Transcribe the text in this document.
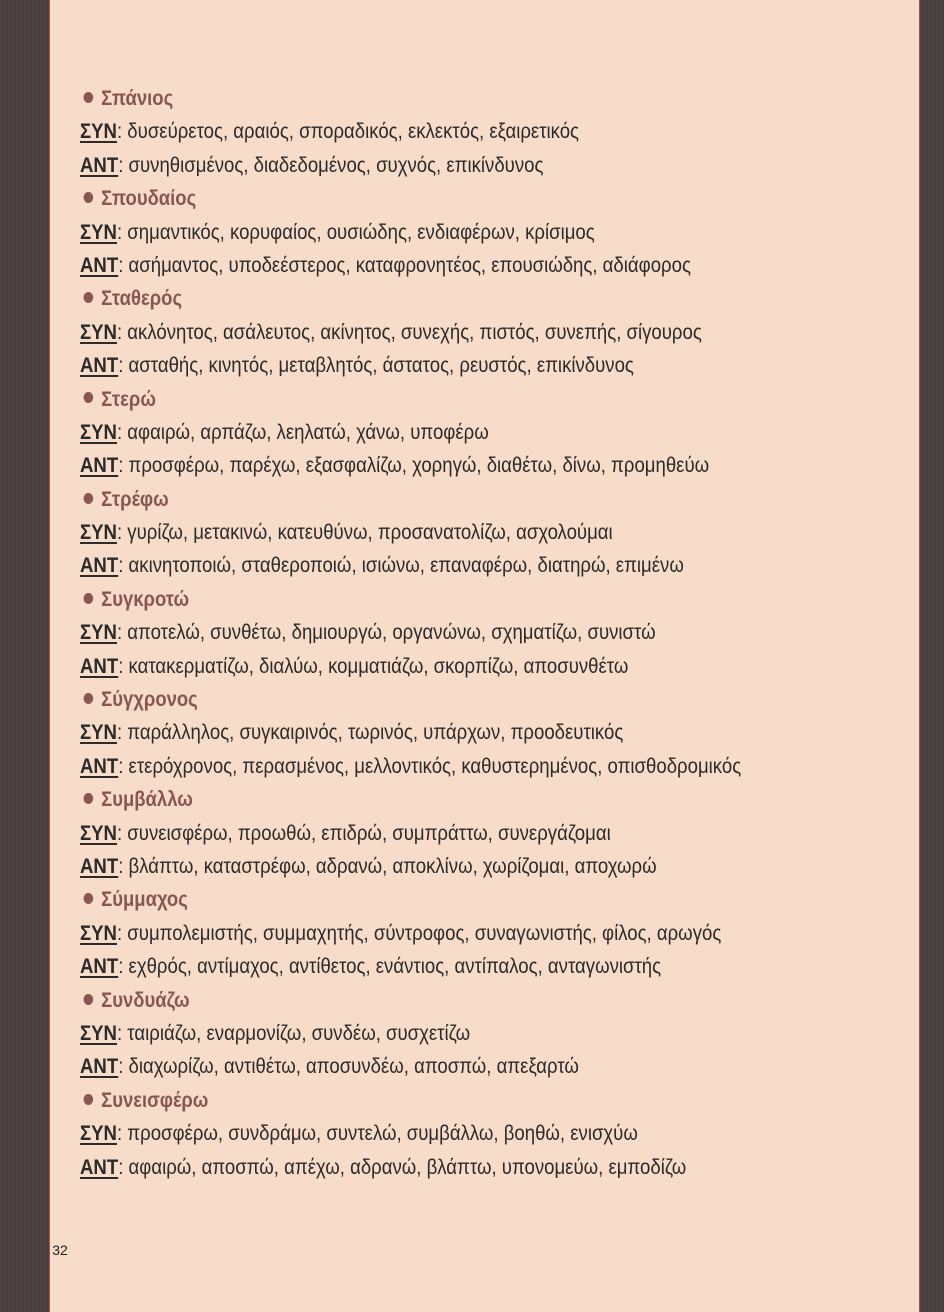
Σπάνιος
ΣΥΝ: δυσεύρετος, αραιός, σποραδικός, εκλεκτός, εξαιρετικός
ΑΝΤ: συνηθισμένος, διαδεδομένος, συχνός, επικίνδυνος
Σπουδαίος
ΣΥΝ: σημαντικός, κορυφαίος, ουσιώδης, ενδιαφέρων, κρίσιμος
ΑΝΤ: ασήμαντος, υποδεέστερος, καταφρονητέος, επουσιώδης, αδιάφορος
Σταθερός
ΣΥΝ: ακλόνητος, ασάλευτος, ακίνητος, συνεχής, πιστός, συνεπής, σίγουρος
ΑΝΤ: ασταθής, κινητός, μεταβλητός, άστατος, ρευστός, επικίνδυνος
Στερώ
ΣΥΝ: αφαιρώ, αρπάζω, λεηλατώ, χάνω, υποφέρω
ΑΝΤ: προσφέρω, παρέχω, εξασφαλίζω, χορηγώ, διαθέτω, δίνω, προμηθεύω
Στρέφω
ΣΥΝ: γυρίζω, μετακινώ, κατευθύνω, προσανατολίζω, ασχολούμαι
ΑΝΤ: ακινητοποιώ, σταθεροποιώ, ισιώνω, επαναφέρω, διατηρώ, επιμένω
Συγκροτώ
ΣΥΝ: αποτελώ, συνθέτω, δημιουργώ, οργανώνω, σχηματίζω, συνιστώ
ΑΝΤ: κατακερματίζω, διαλύω, κομματιάζω, σκορπίζω, αποσυνθέτω
Σύγχρονος
ΣΥΝ: παράλληλος, συγκαιρινός, τωρινός, υπάρχων, προοδευτικός
ΑΝΤ: ετερόχρονος, περασμένος, μελλοντικός, καθυστερημένος, οπισθοδρομικός
Συμβάλλω
ΣΥΝ: συνεισφέρω, προωθώ, επιδρώ, συμπράττω, συνεργάζομαι
ΑΝΤ: βλάπτω, καταστρέφω, αδρανώ, αποκλίνω, χωρίζομαι, αποχωρώ
Σύμμαχος
ΣΥΝ: συμπολεμιστής, συμμαχητής, σύντροφος, συναγωνιστής, φίλος, αρωγός
ΑΝΤ: εχθρός, αντίμαχος, αντίθετος, ενάντιος, αντίπαλος, ανταγωνιστής
Συνδυάζω
ΣΥΝ: ταιριάζω, εναρμονίζω, συνδέω, συσχετίζω
ΑΝΤ: διαχωρίζω, αντιθέτω, αποσυνδέω, αποσπώ, απεξαρτώ
Συνεισφέρω
ΣΥΝ: προσφέρω, συνδράμω, συντελώ, συμβάλλω, βοηθώ, ενισχύω
ΑΝΤ: αφαιρώ, αποσπώ, απέχω, αδρανώ, βλάπτω, υπονομεύω, εμποδίζω
32
